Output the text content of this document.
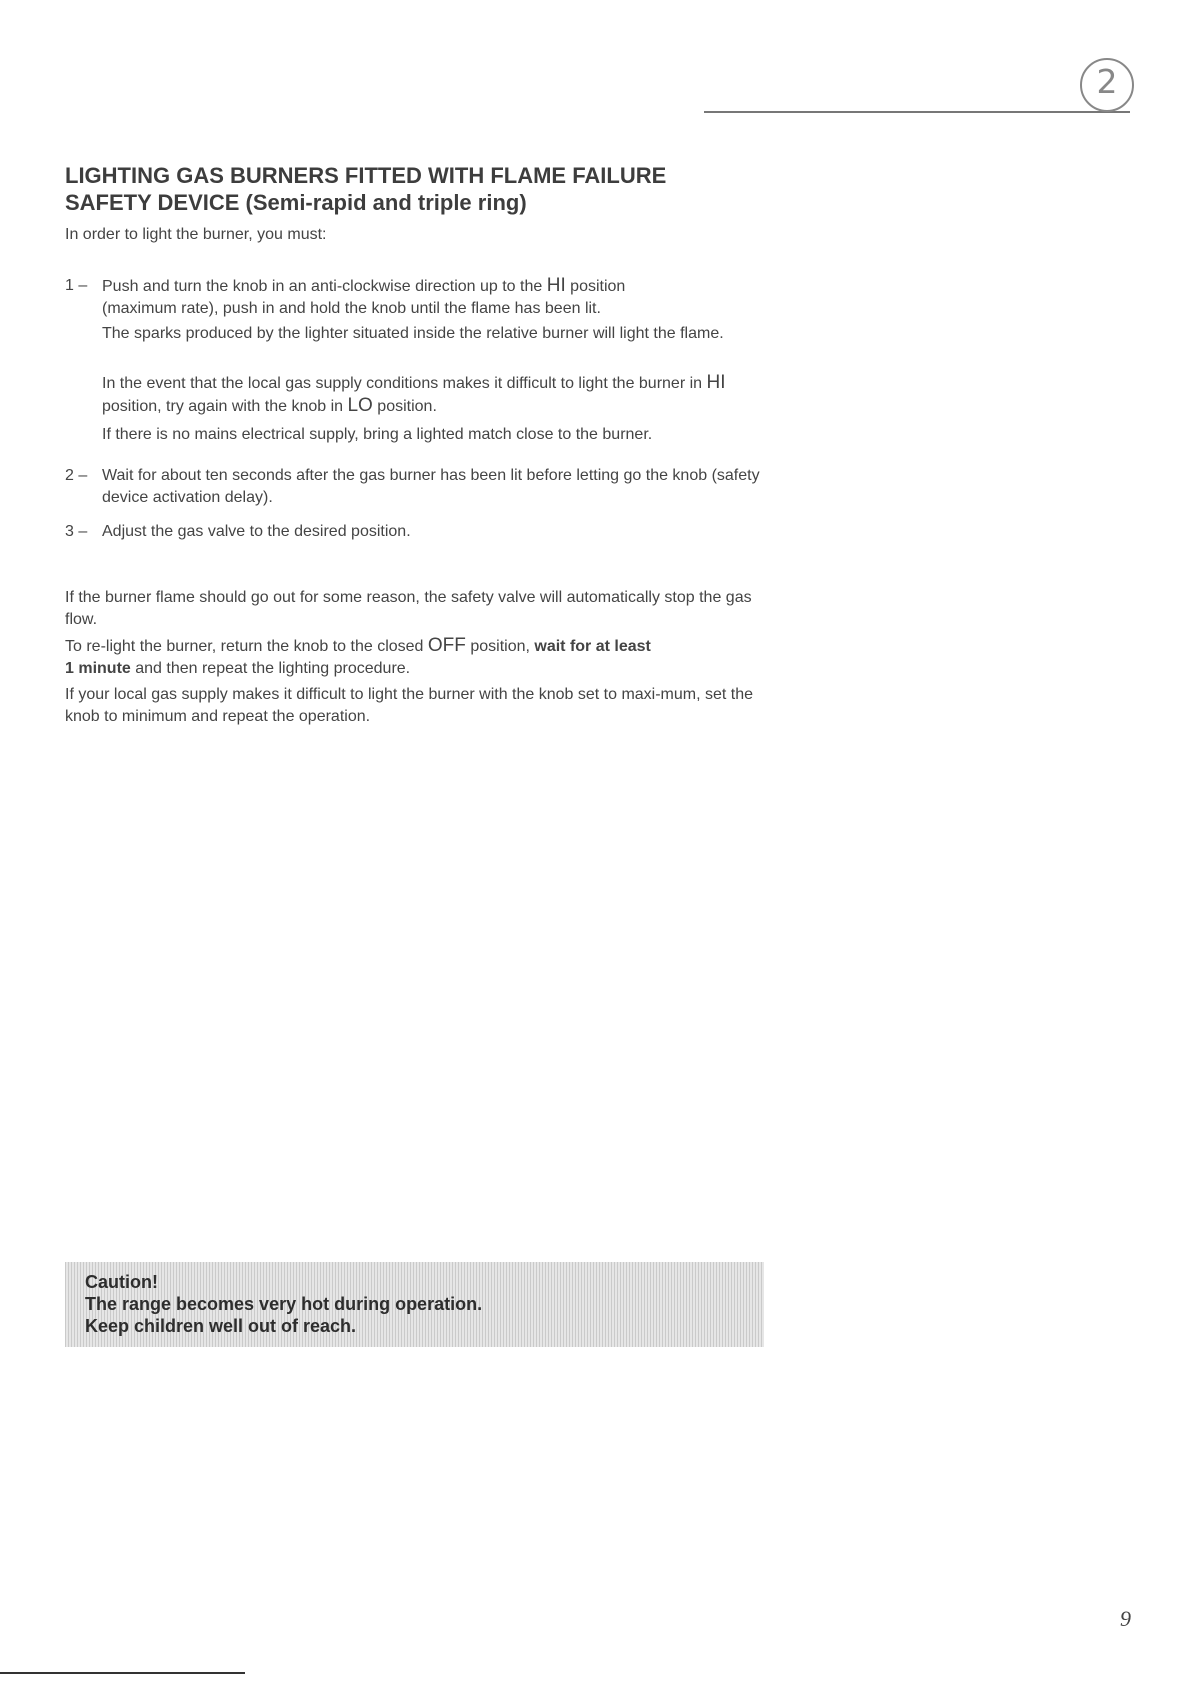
2
LIGHTING GAS BURNERS FITTED WITH FLAME FAILURE
SAFETY DEVICE (Semi-rapid and triple ring)

In order to light the burner, you must:

1 – Push and turn the knob in an anti-clockwise direction up to the HI position
(maximum rate), push in and hold the knob until the flame has been lit.
The sparks produced by the lighter situated inside the relative burner will light the flame.
In the event that the local gas supply conditions makes it difficult to light the burner in HI position, try again with the knob in LO position.
If there is no mains electrical supply, bring a lighted match close to the burner.
2 – Wait for about ten seconds after the gas burner has been lit before letting go the knob (safety device activation delay).
3 – Adjust the gas valve to the desired position.
If the burner flame should go out for some reason, the safety valve will automatically stop the gas flow.
To re-light the burner, return the knob to the closed OFF position, wait for at least
1 minute and then repeat the lighting procedure.
If your local gas supply makes it difficult to light the burner with the knob set to maxi-mum, set the knob to minimum and repeat the operation.

Caution!

The range becomes very hot during operation.

Keep children well out of reach.

9
